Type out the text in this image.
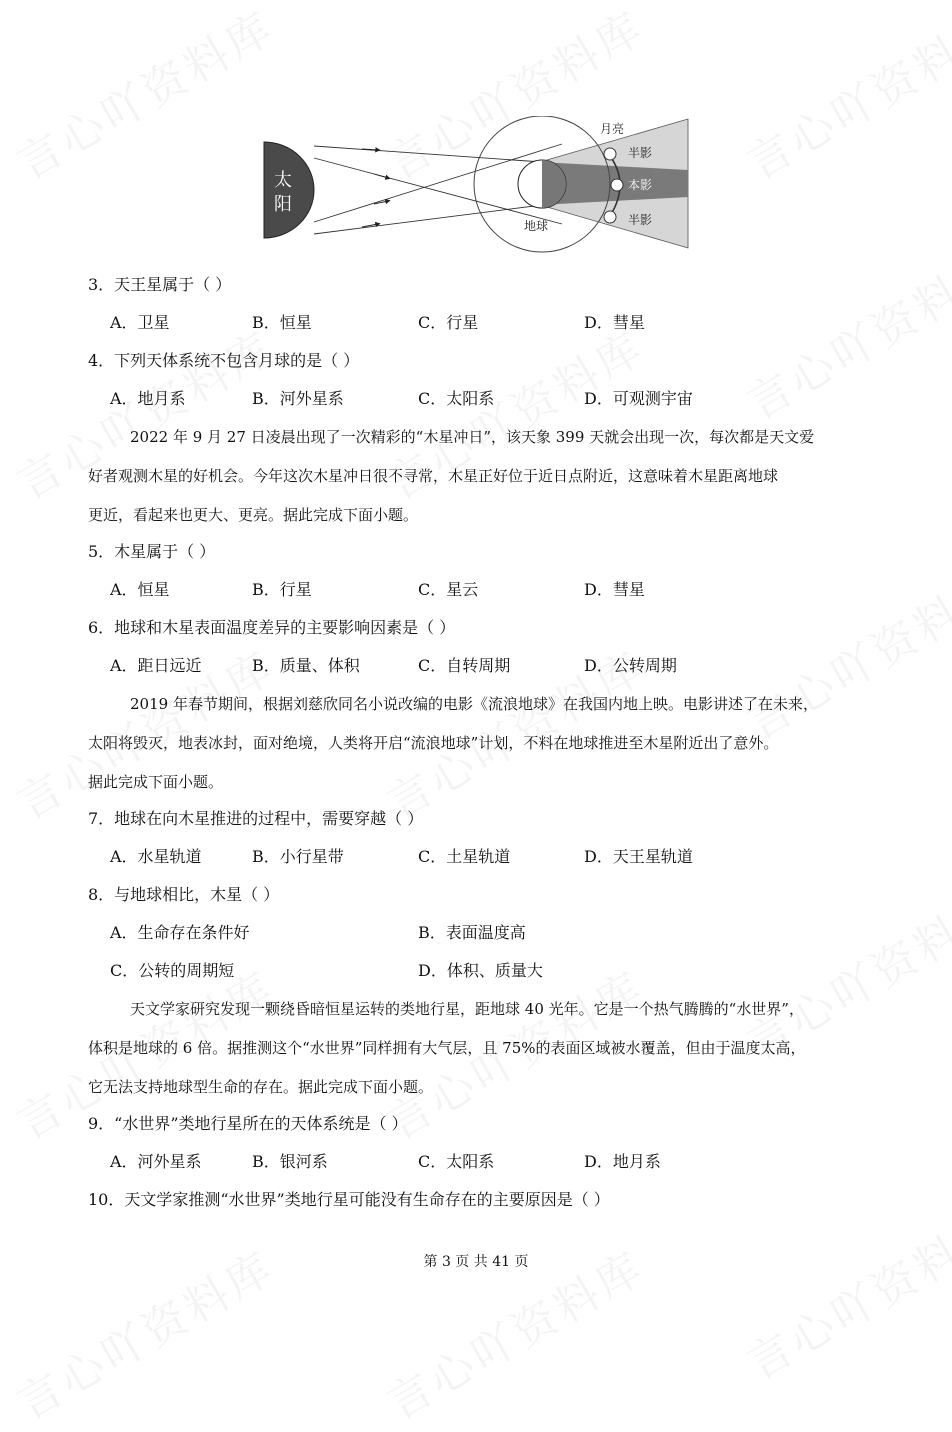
太
阳
月亮
地球
半影
本影
半影
3．天王星属于（ ）
A．卫星	B．恒星	C．行星	D．彗星
4．下列天体系统不包含月球的是（ ）
A．地月系	B．河外星系	C．太阳系	D．可观测宇宙
2022 年 9 月 27 日凌晨出现了一次精彩的“木星冲日”，该天象 399 天就会出现一次，每次都是天文爱
好者观测木星的好机会。今年这次木星冲日很不寻常，木星正好位于近日点附近，这意味着木星距离地球
更近，看起来也更大、更亮。据此完成下面小题。
5．木星属于（ ）
A．恒星	B．行星	C．星云	D．彗星
6．地球和木星表面温度差异的主要影响因素是（ ）
A．距日远近	B．质量、体积	C．自转周期	D．公转周期
2019 年春节期间，根据刘慈欣同名小说改编的电影《流浪地球》在我国内地上映。电影讲述了在未来，
太阳将毁灭，地表冰封，面对绝境，人类将开启“流浪地球”计划，不料在地球推进至木星附近出了意外。
据此完成下面小题。
7．地球在向木星推进的过程中，需要穿越（ ）
A．水星轨道	B．小行星带	C．土星轨道	D．天王星轨道
8．与地球相比，木星（ ）
A．生命存在条件好	B．表面温度高
C．公转的周期短	D．体积、质量大
天文学家研究发现一颗绕昏暗恒星运转的类地行星，距地球 40 光年。它是一个热气腾腾的“水世界”，
体积是地球的 6 倍。据推测这个“水世界”同样拥有大气层，且 75%的表面区域被水覆盖，但由于温度太高，
它无法支持地球型生命的存在。据此完成下面小题。
9．“水世界”类地行星所在的天体系统是（ ）
A．河外星系	B．银河系	C．太阳系	D．地月系
10．天文学家推测“水世界”类地行星可能没有生命存在的主要原因是（ ）
第 3 页 共 41 页
